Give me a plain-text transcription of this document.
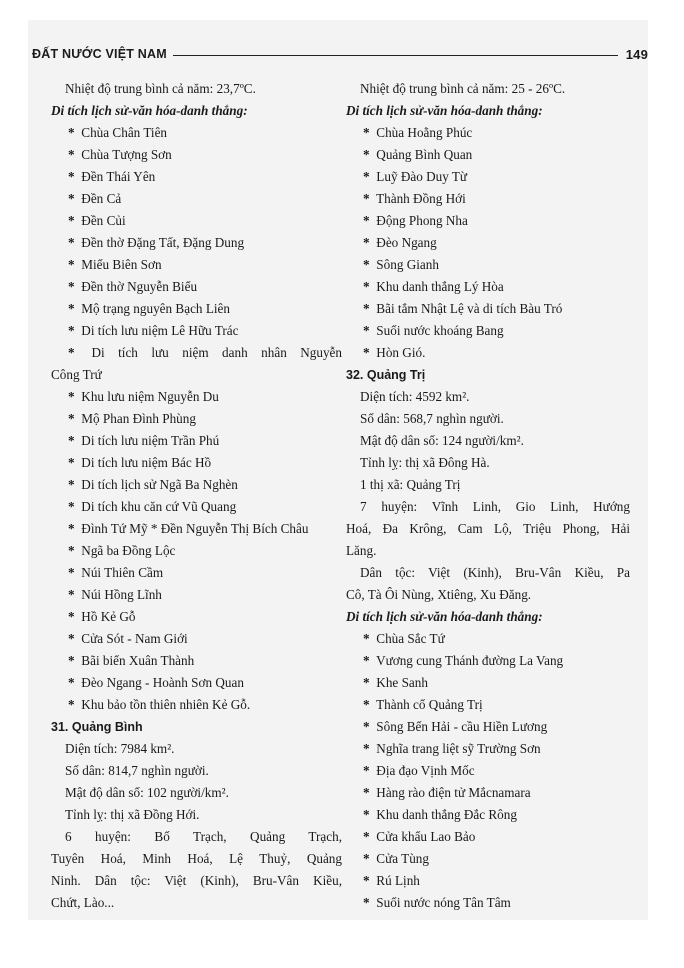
ĐẤT NƯỚC VIỆT NAM	149
Nhiệt độ trung bình cả năm: 23,7ºC.
Di tích lịch sử-văn hóa-danh thắng:
* Chùa Chân Tiên
* Chùa Tượng Sơn
* Đền Thái Yên
* Đền Cả
* Đền Củi
* Đền thờ Đặng Tất, Đặng Dung
* Miếu Biên Sơn
* Đền thờ Nguyễn Biểu
* Mộ trạng nguyên Bạch Liên
* Di tích lưu niệm Lê Hữu Trác
* Di tích lưu niệm danh nhân Nguyễn
Công Trứ
* Khu lưu niệm Nguyễn Du
* Mộ Phan Đình Phùng
* Di tích lưu niệm Trần Phú
* Di tích lưu niệm Bác Hồ
* Di tích lịch sử Ngã Ba Nghèn
* Di tích khu căn cứ Vũ Quang
* Đình Tứ Mỹ * Đền Nguyễn Thị Bích Châu
* Ngã ba Đồng Lộc
* Núi Thiên Cầm
* Núi Hồng Lĩnh
* Hồ Kẻ Gỗ
* Cửa Sót - Nam Giới
* Bãi biển Xuân Thành
* Đèo Ngang - Hoành Sơn Quan
* Khu bảo tồn thiên nhiên Kẻ Gỗ.
31. Quảng Bình
Diện tích: 7984 km².
Số dân: 814,7 nghìn người.
Mật độ dân số: 102 người/km².
Tỉnh lỵ: thị xã Đồng Hới.
6 huyện: Bố Trạch, Quảng Trạch,
Tuyên Hoá, Minh Hoá, Lệ Thuỷ, Quảng
Ninh. Dân tộc: Việt (Kinh), Bru-Vân Kiều,
Chứt, Lào...
Nhiệt độ trung bình cả năm: 25 - 26ºC.
Di tích lịch sử-văn hóa-danh thắng:
* Chùa Hoằng Phúc
* Quảng Bình Quan
* Luỹ Đào Duy Từ
* Thành Đồng Hới
* Động Phong Nha
* Đèo Ngang
* Sông Gianh
* Khu danh thắng Lý Hòa
* Bãi tắm Nhật Lệ và di tích Bàu Tró
* Suối nước khoáng Bang
* Hòn Gió.
32. Quảng Trị
Diện tích: 4592 km².
Số dân: 568,7 nghìn người.
Mật độ dân số: 124 người/km².
Tỉnh lỵ: thị xã Đông Hà.
1 thị xã: Quảng Trị
7 huyện: Vĩnh Linh, Gio Linh, Hướng
Hoá, Đa Krông, Cam Lộ, Triệu Phong, Hải
Lăng.
Dân tộc: Việt (Kinh), Bru-Vân Kiều, Pa
Cô, Tà Ôi Nùng, Xtiêng, Xu Đăng.
Di tích lịch sử-văn hóa-danh thắng:
* Chùa Sắc Tứ
* Vương cung Thánh đường La Vang
* Khe Sanh
* Thành cổ Quảng Trị
* Sông Bến Hải - cầu Hiền Lương
* Nghĩa trang liệt sỹ Trường Sơn
* Địa đạo Vịnh Mốc
* Hàng rào điện tử Mắcnamara
* Khu danh thắng Đắc Rông
* Cửa khẩu Lao Bảo
* Cửa Tùng
* Rú Lịnh
* Suối nước nóng Tân Tâm
